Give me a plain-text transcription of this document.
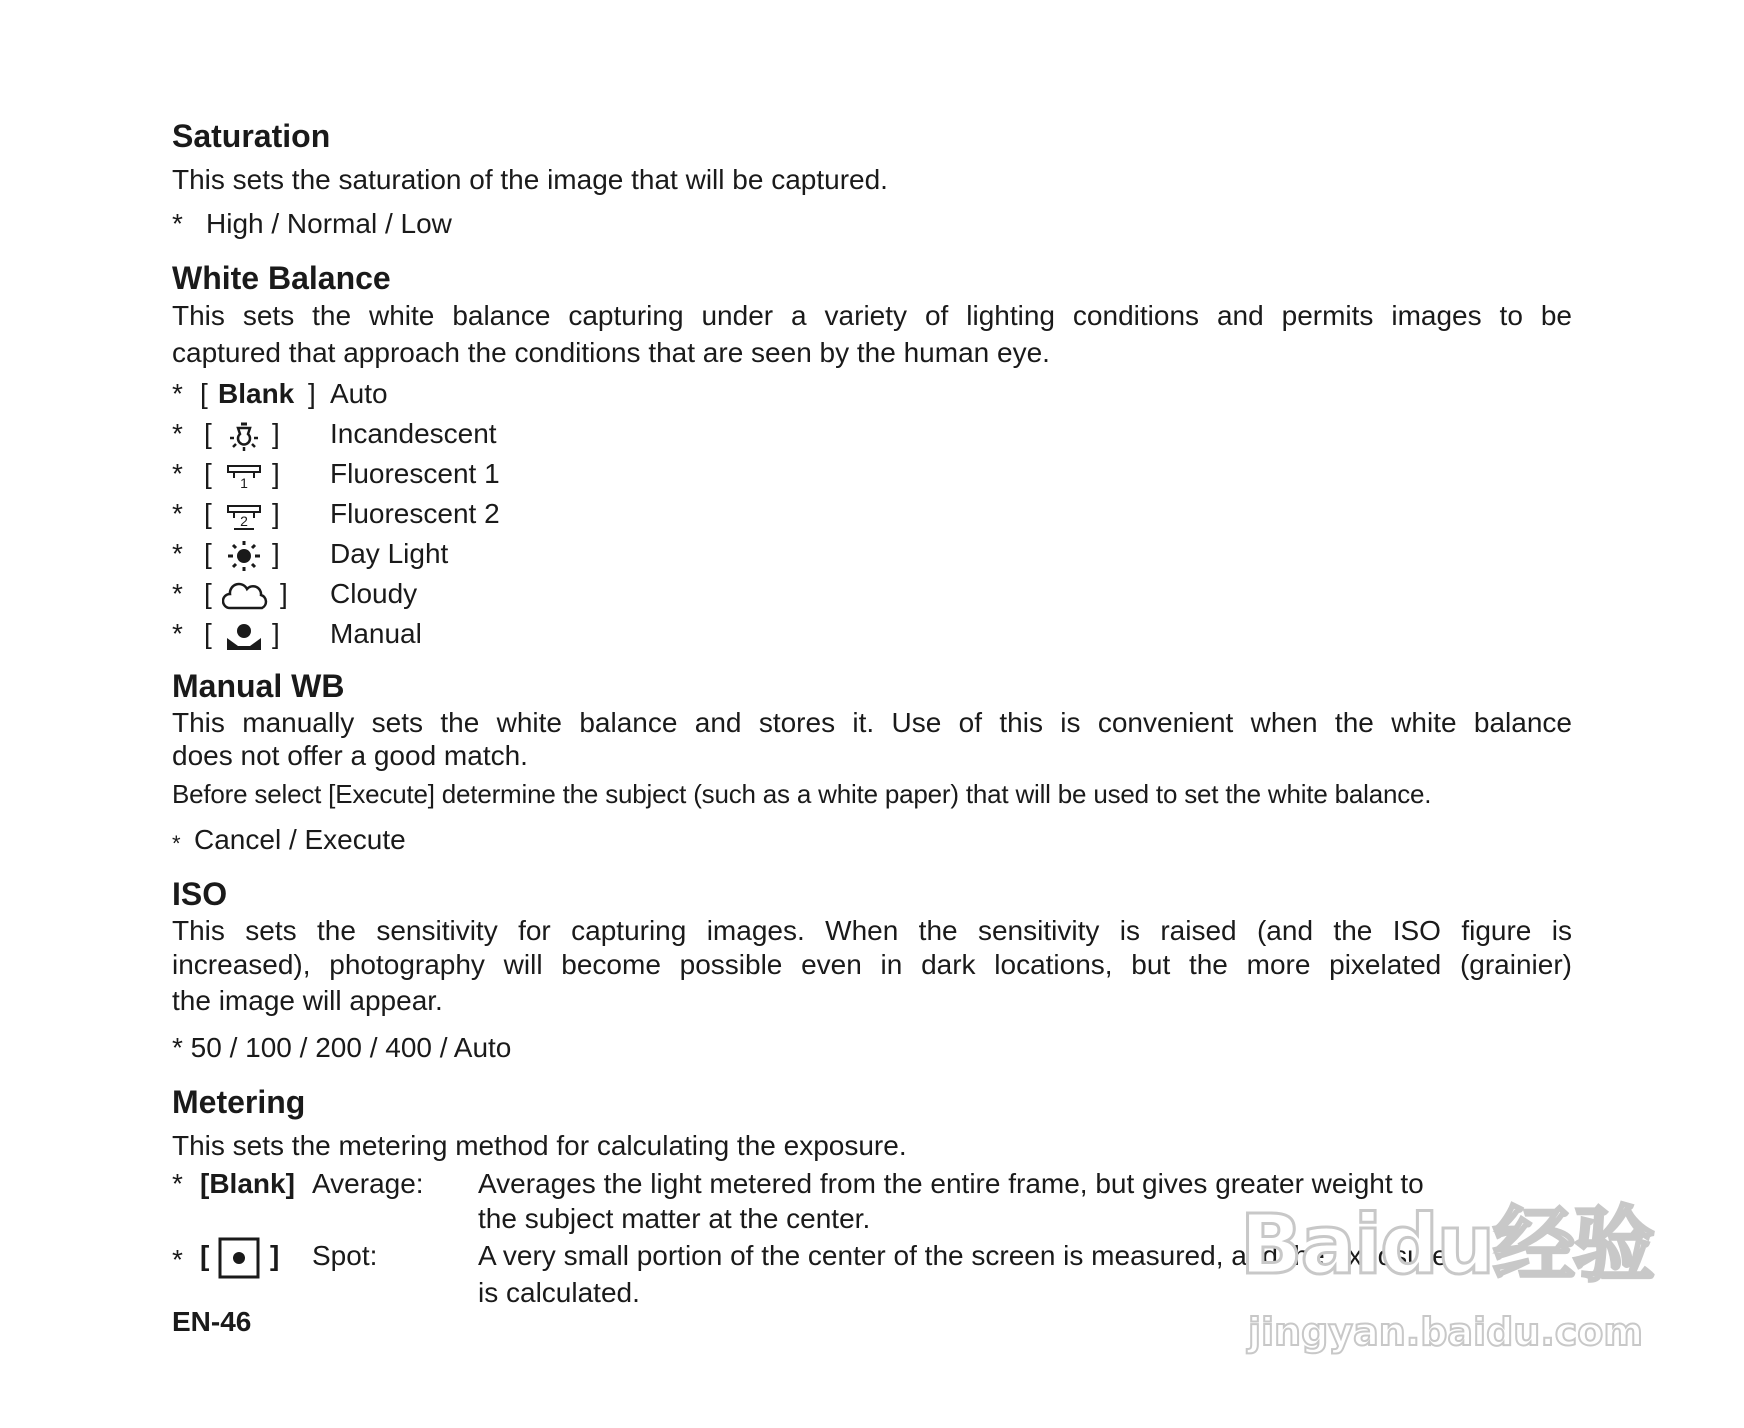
Saturation
This sets the saturation of the image that will be captured.
* High / Normal / Low
White Balance
This sets the white balance capturing under a variety of lighting conditions and permits images to be
captured that approach the conditions that are seen by the human eye.
* [ Blank ] Auto
* [ ] Incandescent
* [ 1 ] Fluorescent 1
* [ 2 ] Fluorescent 2
* [ ] Day Light
* [ ] Cloudy
* [ ] Manual
Manual WB
This manually sets the white balance and stores it. Use of this is convenient when the white balance
does not offer a good match.
Before select [Execute] determine the subject (such as a white paper) that will be used to set the white balance.
* Cancel / Execute
ISO
This sets the sensitivity for capturing images. When the sensitivity is raised (and the ISO figure is
increased), photography will become possible even in dark locations, but the more pixelated (grainier)
the image will appear.
* 50 / 100 / 200 / 400 / Auto
Metering
This sets the metering method for calculating the exposure.
* [Blank] Average: Averages the light metered from the entire frame, but gives greater weight to
the subject matter at the center.
* [ ] Spot:	A very small portion of the center of the screen is measured, and the exposure
is calculated.
EN-46
Baidu经验
jingyan.baidu.com
